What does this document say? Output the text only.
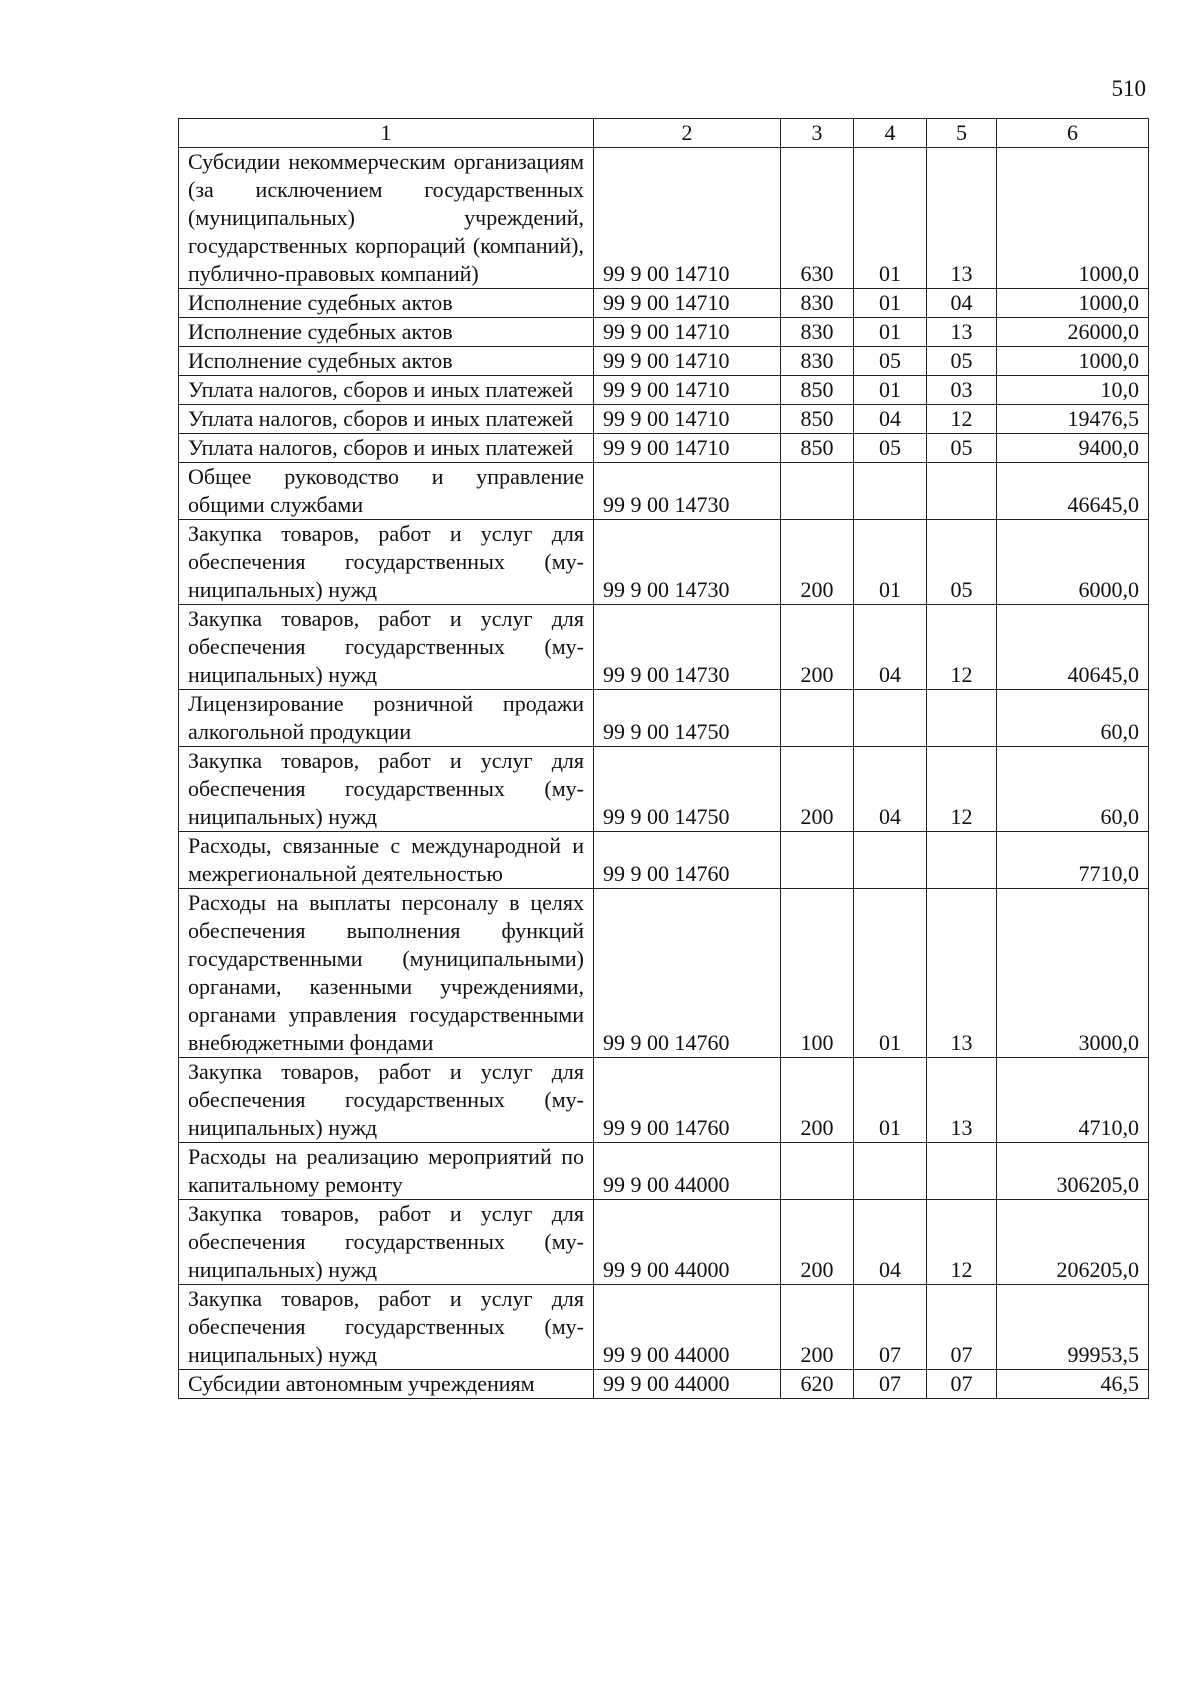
510
1	2	3	4	5	6
Субсидии некоммерческим организациям (за исключением государственных (муниципальных) учреждений, государственных корпораций (компаний), публично-правовых компаний)	99 9 00 14710	630	01	13	1000,0
Исполнение судебных актов	99 9 00 14710	830	01	04	1000,0
Исполнение судебных актов	99 9 00 14710	830	01	13	26000,0
Исполнение судебных актов	99 9 00 14710	830	05	05	1000,0
Уплата налогов, сборов и иных платежей	99 9 00 14710	850	01	03	10,0
Уплата налогов, сборов и иных платежей	99 9 00 14710	850	04	12	19476,5
Уплата налогов, сборов и иных платежей	99 9 00 14710	850	05	05	9400,0
Общее руководство и управление общими службами	99 9 00 14730				46645,0
Закупка товаров, работ и услуг для обеспечения государственных (муниципальных) нужд	99 9 00 14730	200	01	05	6000,0
Закупка товаров, работ и услуг для обеспечения государственных (муниципальных) нужд	99 9 00 14730	200	04	12	40645,0
Лицензирование розничной продажи алкогольной продукции	99 9 00 14750				60,0
Закупка товаров, работ и услуг для обеспечения государственных (муниципальных) нужд	99 9 00 14750	200	04	12	60,0
Расходы, связанные с международной и межрегиональной деятельностью	99 9 00 14760				7710,0
Расходы на выплаты персоналу в целях обеспечения выполнения функций государственными (муниципальными) органами, казенными учреждениями, органами управления государственными внебюджетными фондами	99 9 00 14760	100	01	13	3000,0
Закупка товаров, работ и услуг для обеспечения государственных (муниципальных) нужд	99 9 00 14760	200	01	13	4710,0
Расходы на реализацию мероприятий по капитальному ремонту	99 9 00 44000				306205,0
Закупка товаров, работ и услуг для обеспечения государственных (муниципальных) нужд	99 9 00 44000	200	04	12	206205,0
Закупка товаров, работ и услуг для обеспечения государственных (муниципальных) нужд	99 9 00 44000	200	07	07	99953,5
Субсидии автономным учреждениям	99 9 00 44000	620	07	07	46,5
